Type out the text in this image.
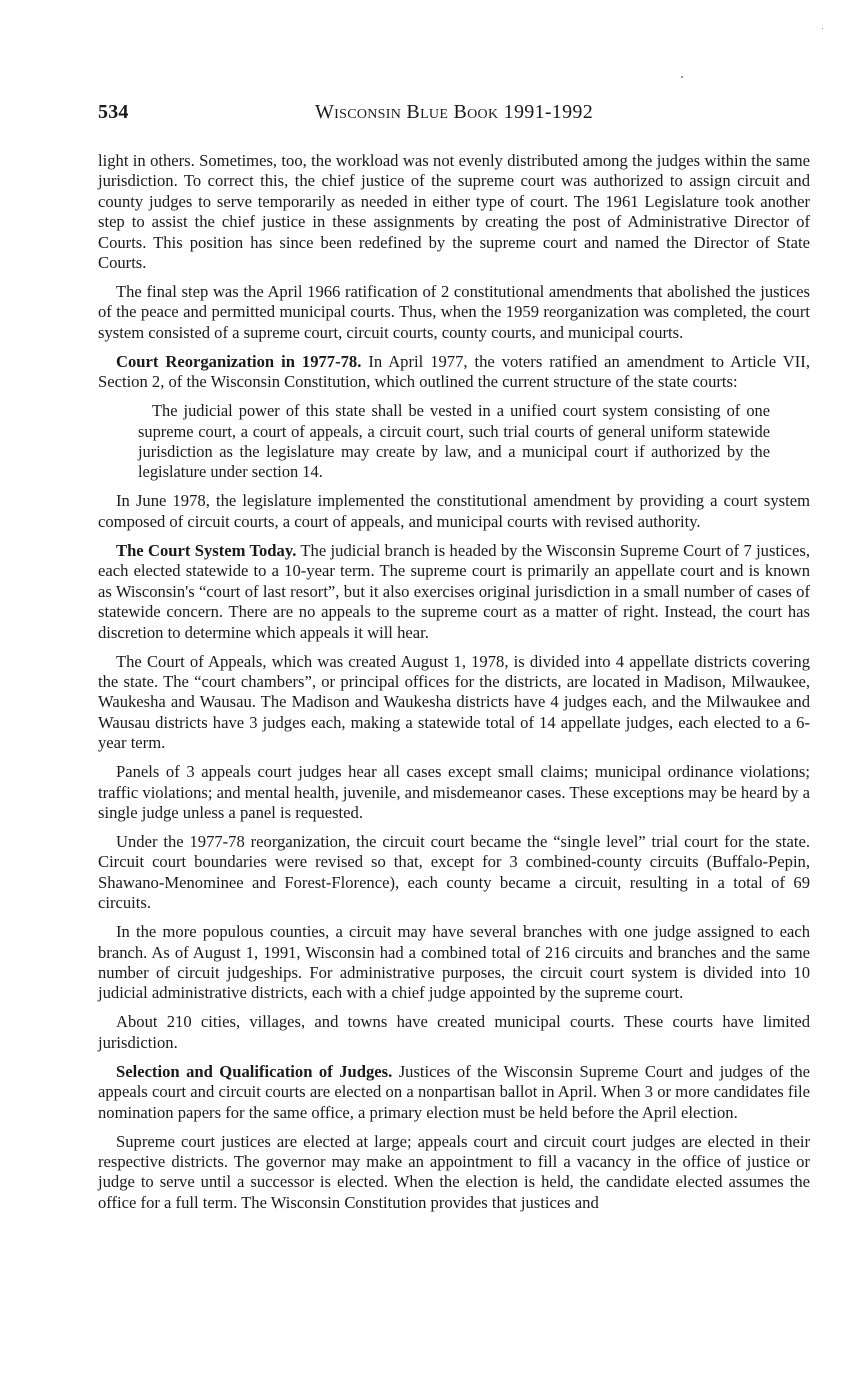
534	Wisconsin Blue Book 1991-1992

light in others. Sometimes, too, the workload was not evenly distributed among the judges within the same jurisdiction. To correct this, the chief justice of the supreme court was authorized to assign circuit and county judges to serve temporarily as needed in either type of court. The 1961 Legislature took another step to assist the chief justice in these assignments by creating the post of Administrative Director of Courts. This position has since been redefined by the supreme court and named the Director of State Courts.

The final step was the April 1966 ratification of 2 constitutional amendments that abolished the justices of the peace and permitted municipal courts. Thus, when the 1959 reorganization was completed, the court system consisted of a supreme court, circuit courts, county courts, and municipal courts.

Court Reorganization in 1977-78. In April 1977, the voters ratified an amendment to Article VII, Section 2, of the Wisconsin Constitution, which outlined the current structure of the state courts:

The judicial power of this state shall be vested in a unified court system consisting of one supreme court, a court of appeals, a circuit court, such trial courts of general uniform statewide jurisdiction as the legislature may create by law, and a municipal court if authorized by the legislature under section 14.

In June 1978, the legislature implemented the constitutional amendment by providing a court system composed of circuit courts, a court of appeals, and municipal courts with revised authority.

The Court System Today. The judicial branch is headed by the Wisconsin Supreme Court of 7 justices, each elected statewide to a 10-year term. The supreme court is primarily an appellate court and is known as Wisconsin's “court of last resort”, but it also exercises original jurisdiction in a small number of cases of statewide concern. There are no appeals to the supreme court as a matter of right. Instead, the court has discretion to determine which appeals it will hear.

The Court of Appeals, which was created August 1, 1978, is divided into 4 appellate districts covering the state. The “court chambers”, or principal offices for the districts, are located in Madison, Milwaukee, Waukesha and Wausau. The Madison and Waukesha districts have 4 judges each, and the Milwaukee and Wausau districts have 3 judges each, making a statewide total of 14 appellate judges, each elected to a 6-year term.

Panels of 3 appeals court judges hear all cases except small claims; municipal ordinance violations; traffic violations; and mental health, juvenile, and misdemeanor cases. These exceptions may be heard by a single judge unless a panel is requested.

Under the 1977-78 reorganization, the circuit court became the “single level” trial court for the state. Circuit court boundaries were revised so that, except for 3 combined-county circuits (Buffalo-Pepin, Shawano-Menominee and Forest-Florence), each county became a circuit, resulting in a total of 69 circuits.

In the more populous counties, a circuit may have several branches with one judge assigned to each branch. As of August 1, 1991, Wisconsin had a combined total of 216 circuits and branches and the same number of circuit judgeships. For administrative purposes, the circuit court system is divided into 10 judicial administrative districts, each with a chief judge appointed by the supreme court.

About 210 cities, villages, and towns have created municipal courts. These courts have limited jurisdiction.

Selection and Qualification of Judges. Justices of the Wisconsin Supreme Court and judges of the appeals court and circuit courts are elected on a nonpartisan ballot in April. When 3 or more candidates file nomination papers for the same office, a primary election must be held before the April election.

Supreme court justices are elected at large; appeals court and circuit court judges are elected in their respective districts. The governor may make an appointment to fill a vacancy in the office of justice or judge to serve until a successor is elected. When the election is held, the candidate elected assumes the office for a full term. The Wisconsin Constitution provides that justices and
